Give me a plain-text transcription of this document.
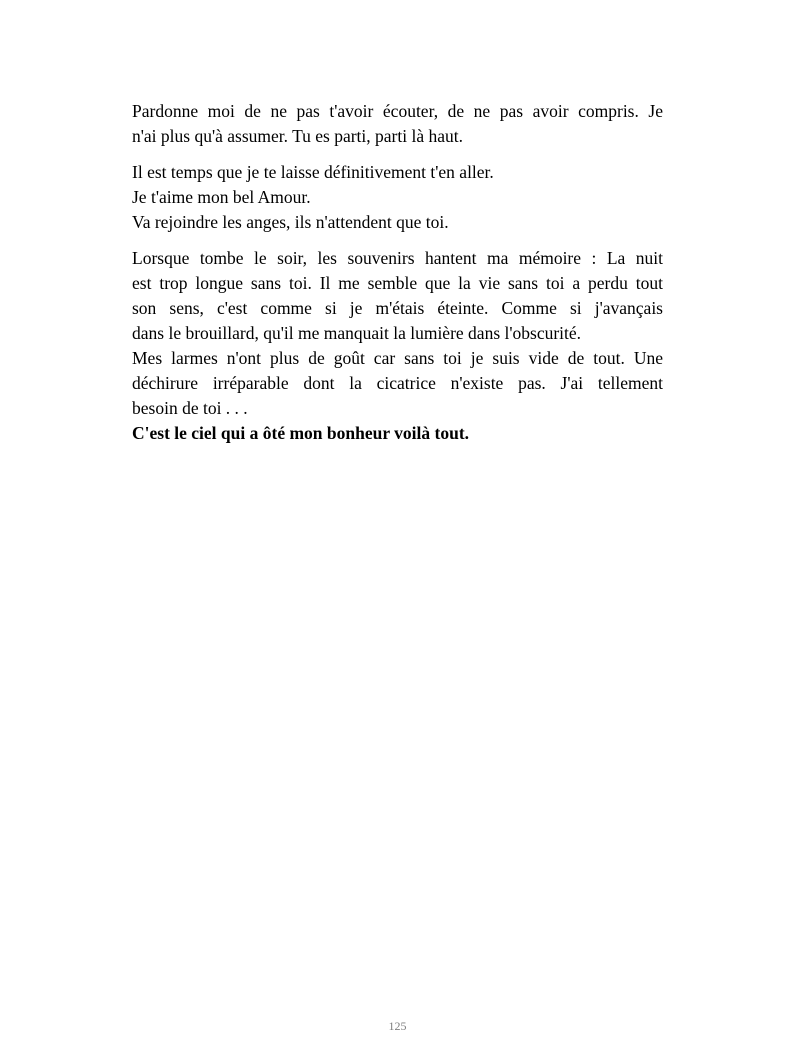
Pardonne moi de ne pas t'avoir écouter, de ne pas avoir compris. Je
n'ai plus qu'à assumer. Tu es parti, parti là haut.

Il est temps que je te laisse définitivement t'en aller.
Je t'aime mon bel Amour.
Va rejoindre les anges, ils n'attendent que toi.

Lorsque tombe le soir, les souvenirs hantent ma mémoire : La nuit
est trop longue sans toi. Il me semble que la vie sans toi a perdu tout
son sens, c'est comme si je m'étais éteinte. Comme si j'avançais
dans le brouillard, qu'il me manquait la lumière dans l'obscurité.
Mes larmes n'ont plus de goût car sans toi je suis vide de tout. Une
déchirure irréparable dont la cicatrice n'existe pas. J'ai tellement
besoin de toi . . .
C'est le ciel qui a ôté mon bonheur voilà tout.

125
